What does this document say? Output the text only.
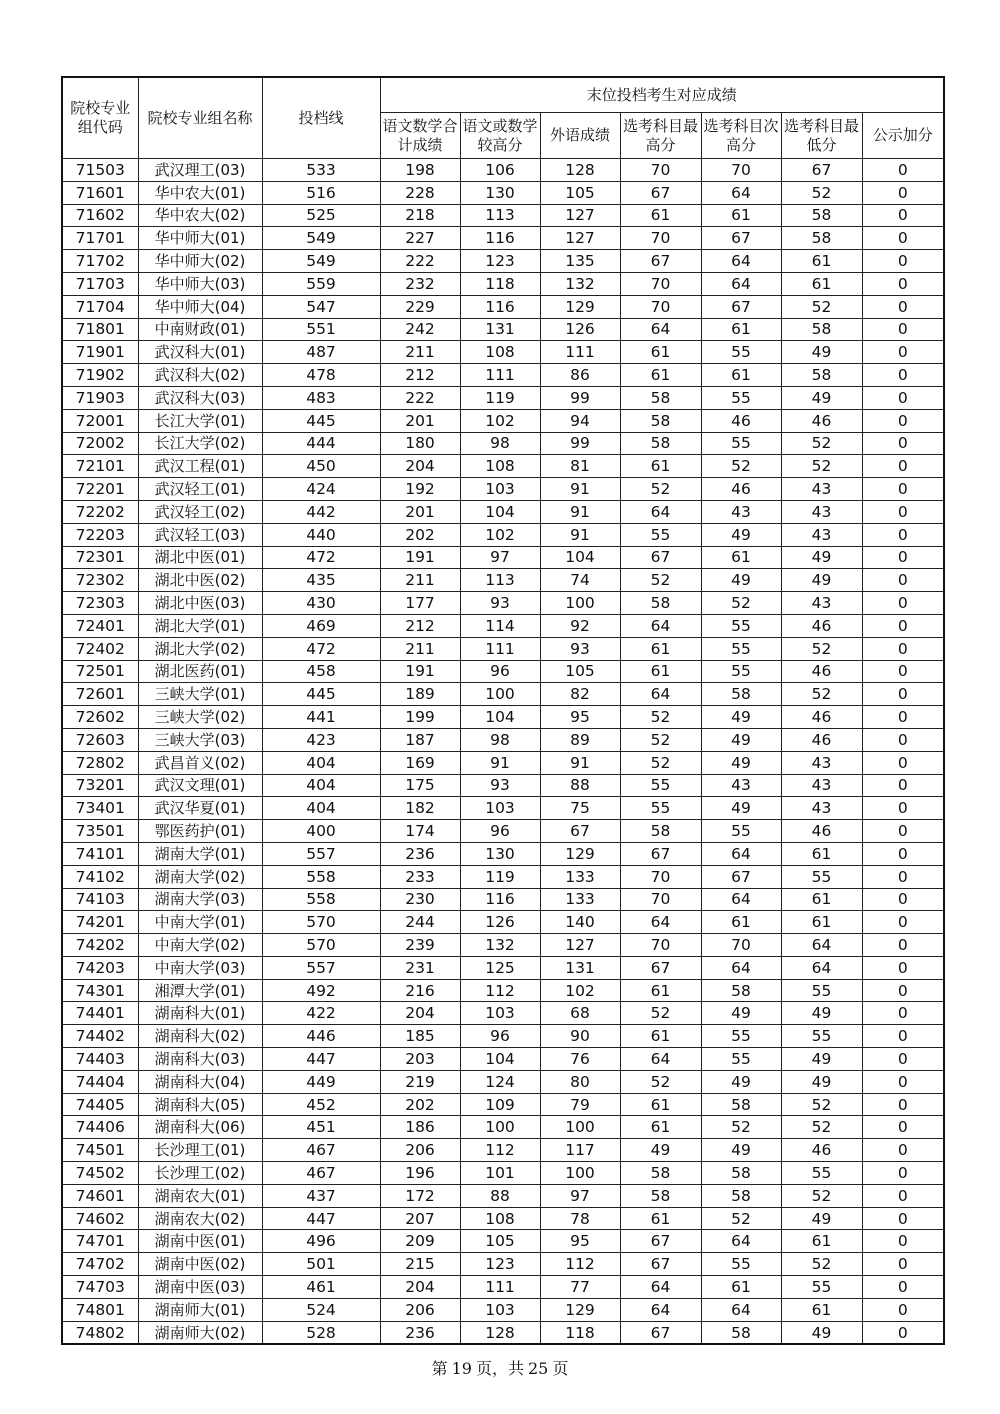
院校专业组代码	院校专业组名称	投档线	末位投档考生对应成绩						
			语文数学合计成绩	语文或数学较高分	外语成绩	选考科目最高分	选考科目次高分	选考科目最低分	公示加分
71503	武汉理工(03)	533	198	106	128	70	70	67	0
71601	华中农大(01)	516	228	130	105	67	64	52	0
71602	华中农大(02)	525	218	113	127	61	61	58	0
71701	华中师大(01)	549	227	116	127	70	67	58	0
71702	华中师大(02)	549	222	123	135	67	64	61	0
71703	华中师大(03)	559	232	118	132	70	64	61	0
71704	华中师大(04)	547	229	116	129	70	67	52	0
71801	中南财政(01)	551	242	131	126	64	61	58	0
71901	武汉科大(01)	487	211	108	111	61	55	49	0
71902	武汉科大(02)	478	212	111	86	61	61	58	0
71903	武汉科大(03)	483	222	119	99	58	55	49	0
72001	长江大学(01)	445	201	102	94	58	46	46	0
72002	长江大学(02)	444	180	98	99	58	55	52	0
72101	武汉工程(01)	450	204	108	81	61	52	52	0
72201	武汉轻工(01)	424	192	103	91	52	46	43	0
72202	武汉轻工(02)	442	201	104	91	64	43	43	0
72203	武汉轻工(03)	440	202	102	91	55	49	43	0
72301	湖北中医(01)	472	191	97	104	67	61	49	0
72302	湖北中医(02)	435	211	113	74	52	49	49	0
72303	湖北中医(03)	430	177	93	100	58	52	43	0
72401	湖北大学(01)	469	212	114	92	64	55	46	0
72402	湖北大学(02)	472	211	111	93	61	55	52	0
72501	湖北医药(01)	458	191	96	105	61	55	46	0
72601	三峡大学(01)	445	189	100	82	64	58	52	0
72602	三峡大学(02)	441	199	104	95	52	49	46	0
72603	三峡大学(03)	423	187	98	89	52	49	46	0
72802	武昌首义(02)	404	169	91	91	52	49	43	0
73201	武汉文理(01)	404	175	93	88	55	43	43	0
73401	武汉华夏(01)	404	182	103	75	55	49	43	0
73501	鄂医药护(01)	400	174	96	67	58	55	46	0
74101	湖南大学(01)	557	236	130	129	67	64	61	0
74102	湖南大学(02)	558	233	119	133	70	67	55	0
74103	湖南大学(03)	558	230	116	133	70	64	61	0
74201	中南大学(01)	570	244	126	140	64	61	61	0
74202	中南大学(02)	570	239	132	127	70	70	64	0
74203	中南大学(03)	557	231	125	131	67	64	64	0
74301	湘潭大学(01)	492	216	112	102	61	58	55	0
74401	湖南科大(01)	422	204	103	68	52	49	49	0
74402	湖南科大(02)	446	185	96	90	61	55	55	0
74403	湖南科大(03)	447	203	104	76	64	55	49	0
74404	湖南科大(04)	449	219	124	80	52	49	49	0
74405	湖南科大(05)	452	202	109	79	61	58	52	0
74406	湖南科大(06)	451	186	100	100	61	52	52	0
74501	长沙理工(01)	467	206	112	117	49	49	46	0
74502	长沙理工(02)	467	196	101	100	58	58	55	0
74601	湖南农大(01)	437	172	88	97	58	58	52	0
74602	湖南农大(02)	447	207	108	78	61	52	49	0
74701	湖南中医(01)	496	209	105	95	67	64	61	0
74702	湖南中医(02)	501	215	123	112	67	55	52	0
74703	湖南中医(03)	461	204	111	77	64	61	55	0
74801	湖南师大(01)	524	206	103	129	64	64	61	0
74802	湖南师大(02)	528	236	128	118	67	58	49	0
第 19 页，共 25 页
